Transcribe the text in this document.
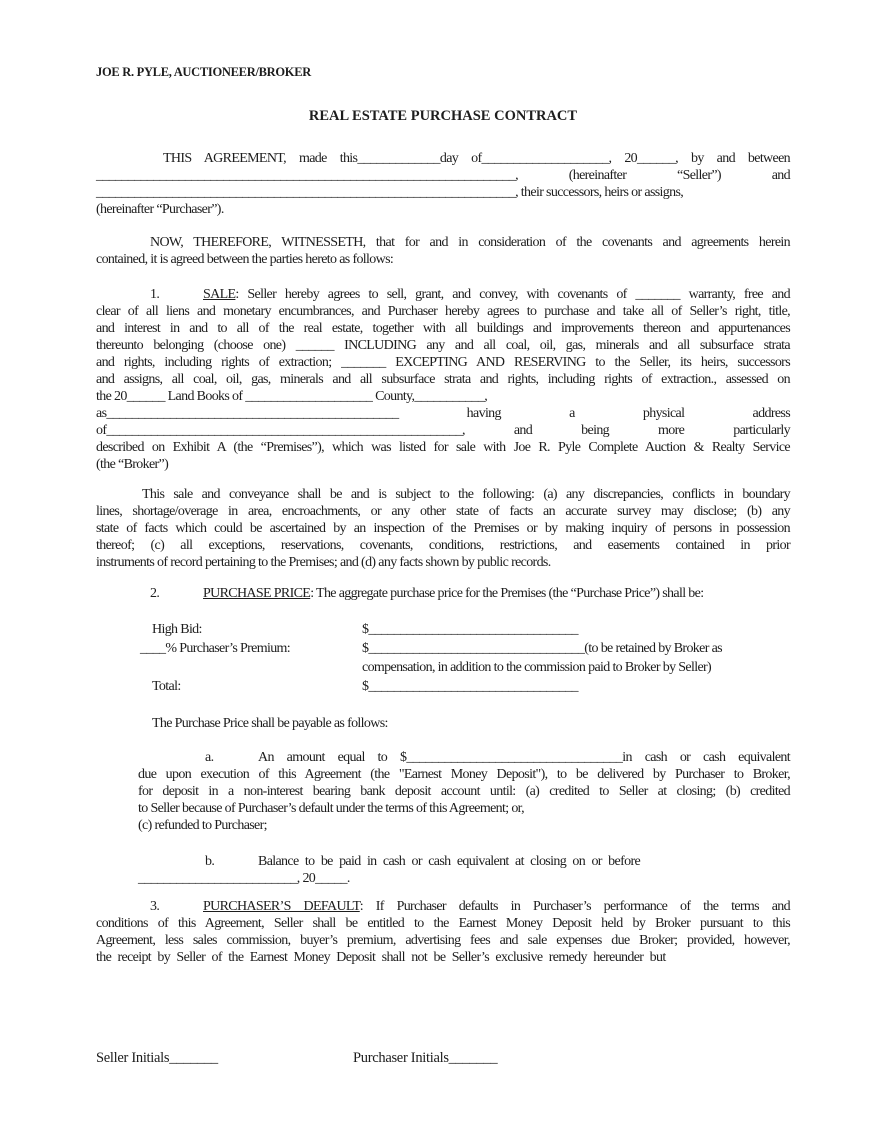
JOE R. PYLE, AUCTIONEER/BROKER
REAL ESTATE PURCHASE CONTRACT
THIS AGREEMENT, made this_____________day of____________________, 20______, by and between
__________________________________________________________________, (hereinafter “Seller”) and
__________________________________________________________________, their successors, heirs or assigns,
(hereinafter “Purchaser”).
NOW, THEREFORE, WITNESSETH, that for and in consideration of the covenants and agreements herein
contained, it is agreed between the parties hereto as follows:
1.	SALE: Seller hereby agrees to sell, grant, and convey, with covenants of _______ warranty, free and
clear of all liens and monetary encumbrances, and Purchaser hereby agrees to purchase and take all of Seller’s right, title,
and interest in and to all of the real estate, together with all buildings and improvements thereon and appurtenances
thereunto belonging (choose one) ______ INCLUDING any and all coal, oil, gas, minerals and all subsurface strata
and rights, including rights of extraction; _______ EXCEPTING AND RESERVING to the Seller, its heirs, successors
and assigns, all coal, oil, gas, minerals and all subsurface strata and rights, including rights of extraction., assessed on
the 20______ Land Books of ____________________ County,___________,
as______________________________________________ having a physical address
of________________________________________________________, and being more particularly
described on Exhibit A (the “Premises”), which was listed for sale with Joe R. Pyle Complete Auction & Realty Service
(the “Broker”)
This sale and conveyance shall be and is subject to the following: (a) any discrepancies, conflicts in boundary
lines, shortage/overage in area, encroachments, or any other state of facts an accurate survey may disclose; (b) any
state of facts which could be ascertained by an inspection of the Premises or by making inquiry of persons in possession
thereof; (c) all exceptions, reservations, covenants, conditions, restrictions, and easements contained in prior
instruments of record pertaining to the Premises; and (d) any facts shown by public records.
2.	PURCHASE PRICE: The aggregate purchase price for the Premises (the “Purchase Price”) shall be:
High Bid:	$_________________________________
____% Purchaser’s Premium:	$__________________________________(to be retained by Broker as
compensation, in addition to the commission paid to Broker by Seller)
Total:	$_________________________________
The Purchase Price shall be payable as follows:
a.	An amount equal to $__________________________________in cash or cash equivalent
due upon execution of this Agreement (the "Earnest Money Deposit"), to be delivered by Purchaser to Broker,
for deposit in a non-interest bearing bank deposit account until: (a) credited to Seller at closing; (b) credited
to Seller because of Purchaser’s default under the terms of this Agreement; or,
(c) refunded to Purchaser;
b.	Balance to be paid in cash or cash equivalent at closing on or before
_________________________, 20_____.
3.	PURCHASER’S DEFAULT: If Purchaser defaults in Purchaser’s performance of the terms and
conditions of this Agreement, Seller shall be entitled to the Earnest Money Deposit held by Broker pursuant to this
Agreement, less sales commission, buyer’s premium, advertising fees and sale expenses due Broker; provided, however,
the receipt by Seller of the Earnest Money Deposit shall not be Seller’s exclusive remedy hereunder but
Seller Initials_______	Purchaser Initials_______
